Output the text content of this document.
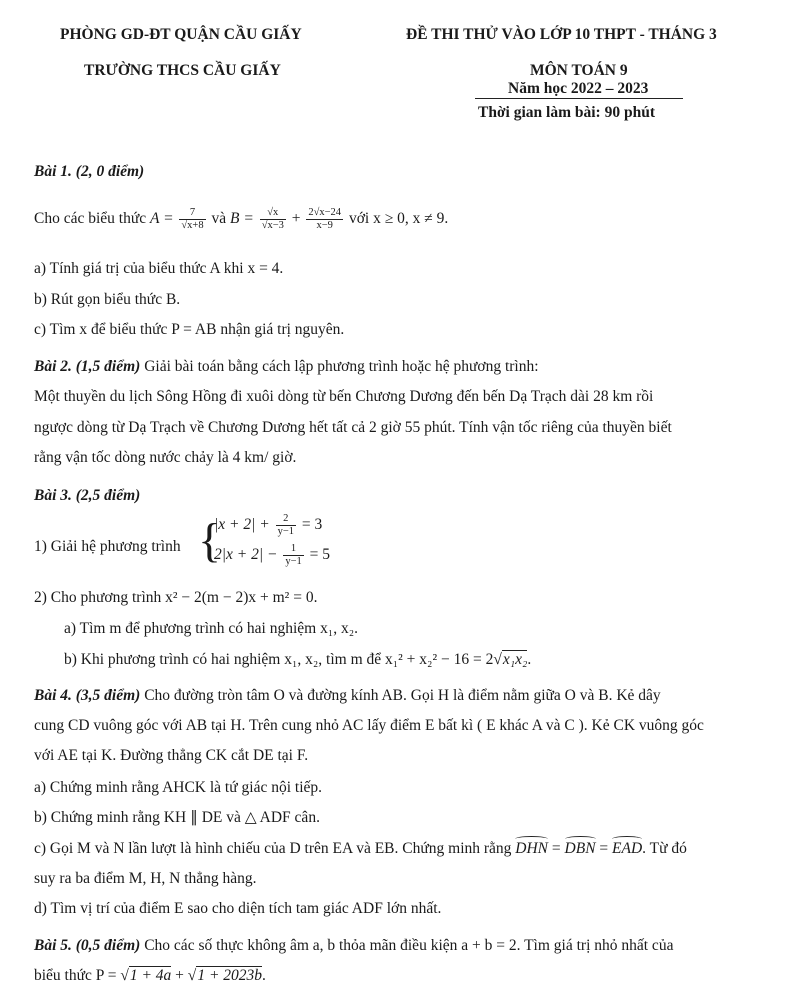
PHÒNG GD-ĐT QUẬN CẦU GIẤY
TRƯỜNG THCS CẦU GIẤY
ĐỀ THI THỬ VÀO LỚP 10 THPT - THÁNG 3
MÔN TOÁN 9
Năm học 2022 – 2023
Thời gian làm bài: 90 phút
Bài 1. (2, 0 điểm)
Cho các biểu thức $A = \frac{7}{√x+8}$ và $B = \frac{√x}{√x-3} + \frac{2√x-24}{x-9}$ với x ≥ 0, x ≠ 9.
a) Tính giá trị của biểu thức A khi x = 4.
b) Rút gọn biểu thức B.
c) Tìm x để biểu thức P = AB nhận giá trị nguyên.
Bài 2. (1,5 điểm) Giải bài toán bằng cách lập phương trình hoặc hệ phương trình:
Một thuyền du lịch Sông Hồng đi xuôi dòng từ bến Chương Dương đến bến Dạ Trạch dài 28 km rồi
ngược dòng từ Dạ Trạch về Chương Dương hết tất cả 2 giờ 55 phút. Tính vận tốc riêng của thuyền biết
rằng vận tốc dòng nước chảy là 4 km/ giờ.
Bài 3. (2,5 điểm)
1) Giải hệ phương trình {
$|x + 2| + \frac{2}{y-1} = 3$
$2|x + 2| - \frac{1}{y-1} = 5$
2) Cho phương trình x² − 2(m − 2)x + m² = 0.
a) Tìm m để phương trình có hai nghiệm x₁, x₂.
b) Khi phương trình có hai nghiệm x₁, x₂, tìm m để x₁² + x₂² − 16 = 2√x₁x₂.
Bài 4. (3,5 điểm) Cho đường tròn tâm O và đường kính AB. Gọi H là điểm nằm giữa O và B. Kẻ dây
cung CD vuông góc với AB tại H. Trên cung nhỏ AC lấy điểm E bất kì ( E khác A và C ). Kẻ CK vuông góc
với AE tại K. Đường thẳng CK cắt DE tại F.
a) Chứng minh rằng AHCK là tứ giác nội tiếp.
b) Chứng minh rằng KH ∥ DE và △ ADF cân.
c) Gọi M và N lần lượt là hình chiếu của D trên EA và EB. Chứng minh rằng DHN = DBN = EAD. Từ đó
suy ra ba điểm M, H, N thẳng hàng.
d) Tìm vị trí của điểm E sao cho diện tích tam giác ADF lớn nhất.
Bài 5. (0,5 điểm) Cho các số thực không âm a, b thỏa mãn điều kiện a + b = 2. Tìm giá trị nhỏ nhất của
biểu thức P = √1 + 4a + √1 + 2023b.
